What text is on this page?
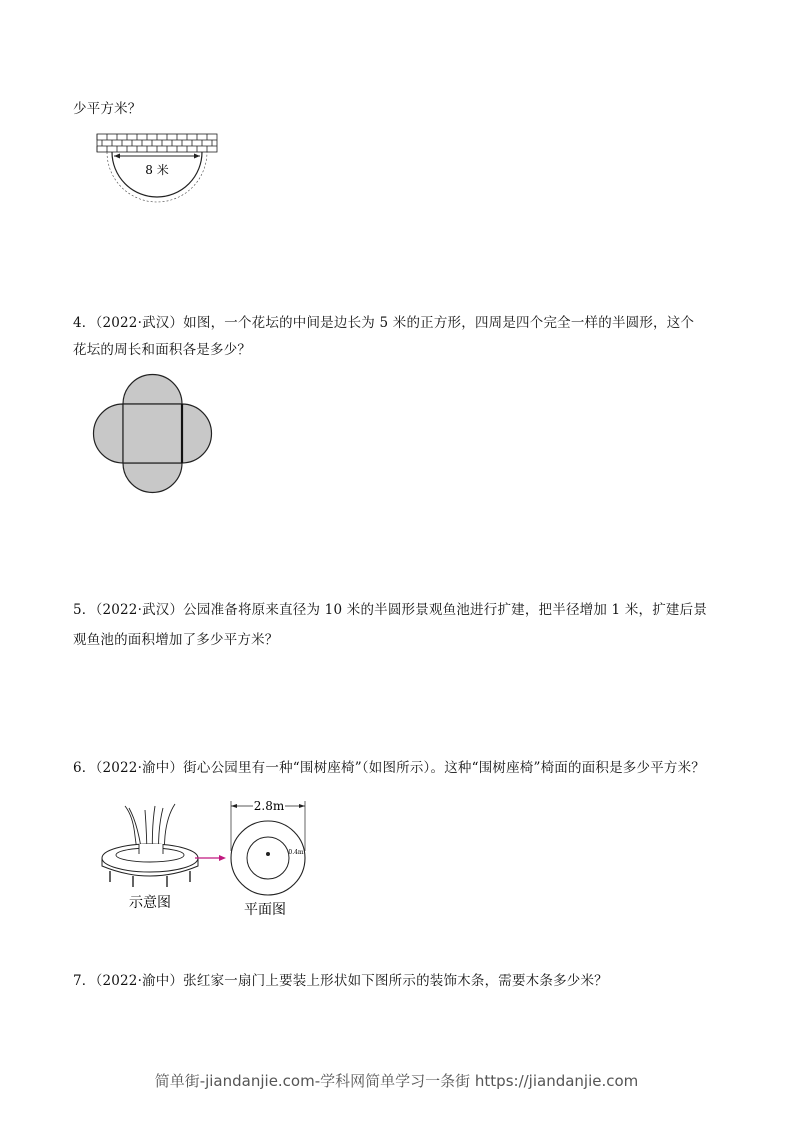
少平方米？
8 米
4．（2022·武汉）如图，一个花坛的中间是边长为 5 米的正方形，四周是四个完全一样的半圆形，这个
花坛的周长和面积各是多少？
5．（2022·武汉）公园准备将原来直径为 10 米的半圆形景观鱼池进行扩建，把半径增加 1 米，扩建后景
观鱼池的面积增加了多少平方米？
6．（2022·渝中）街心公园里有一种“围树座椅”（如图所示）。这种“围树座椅”椅面的面积是多少平方米？
示意图
2.8m
0.4m
平面图
7．（2022·渝中）张红家一扇门上要装上形状如下图所示的装饰木条，需要木条多少米？
简单街-jiandanjie.com-学科网简单学习一条街 https://jiandanjie.com
